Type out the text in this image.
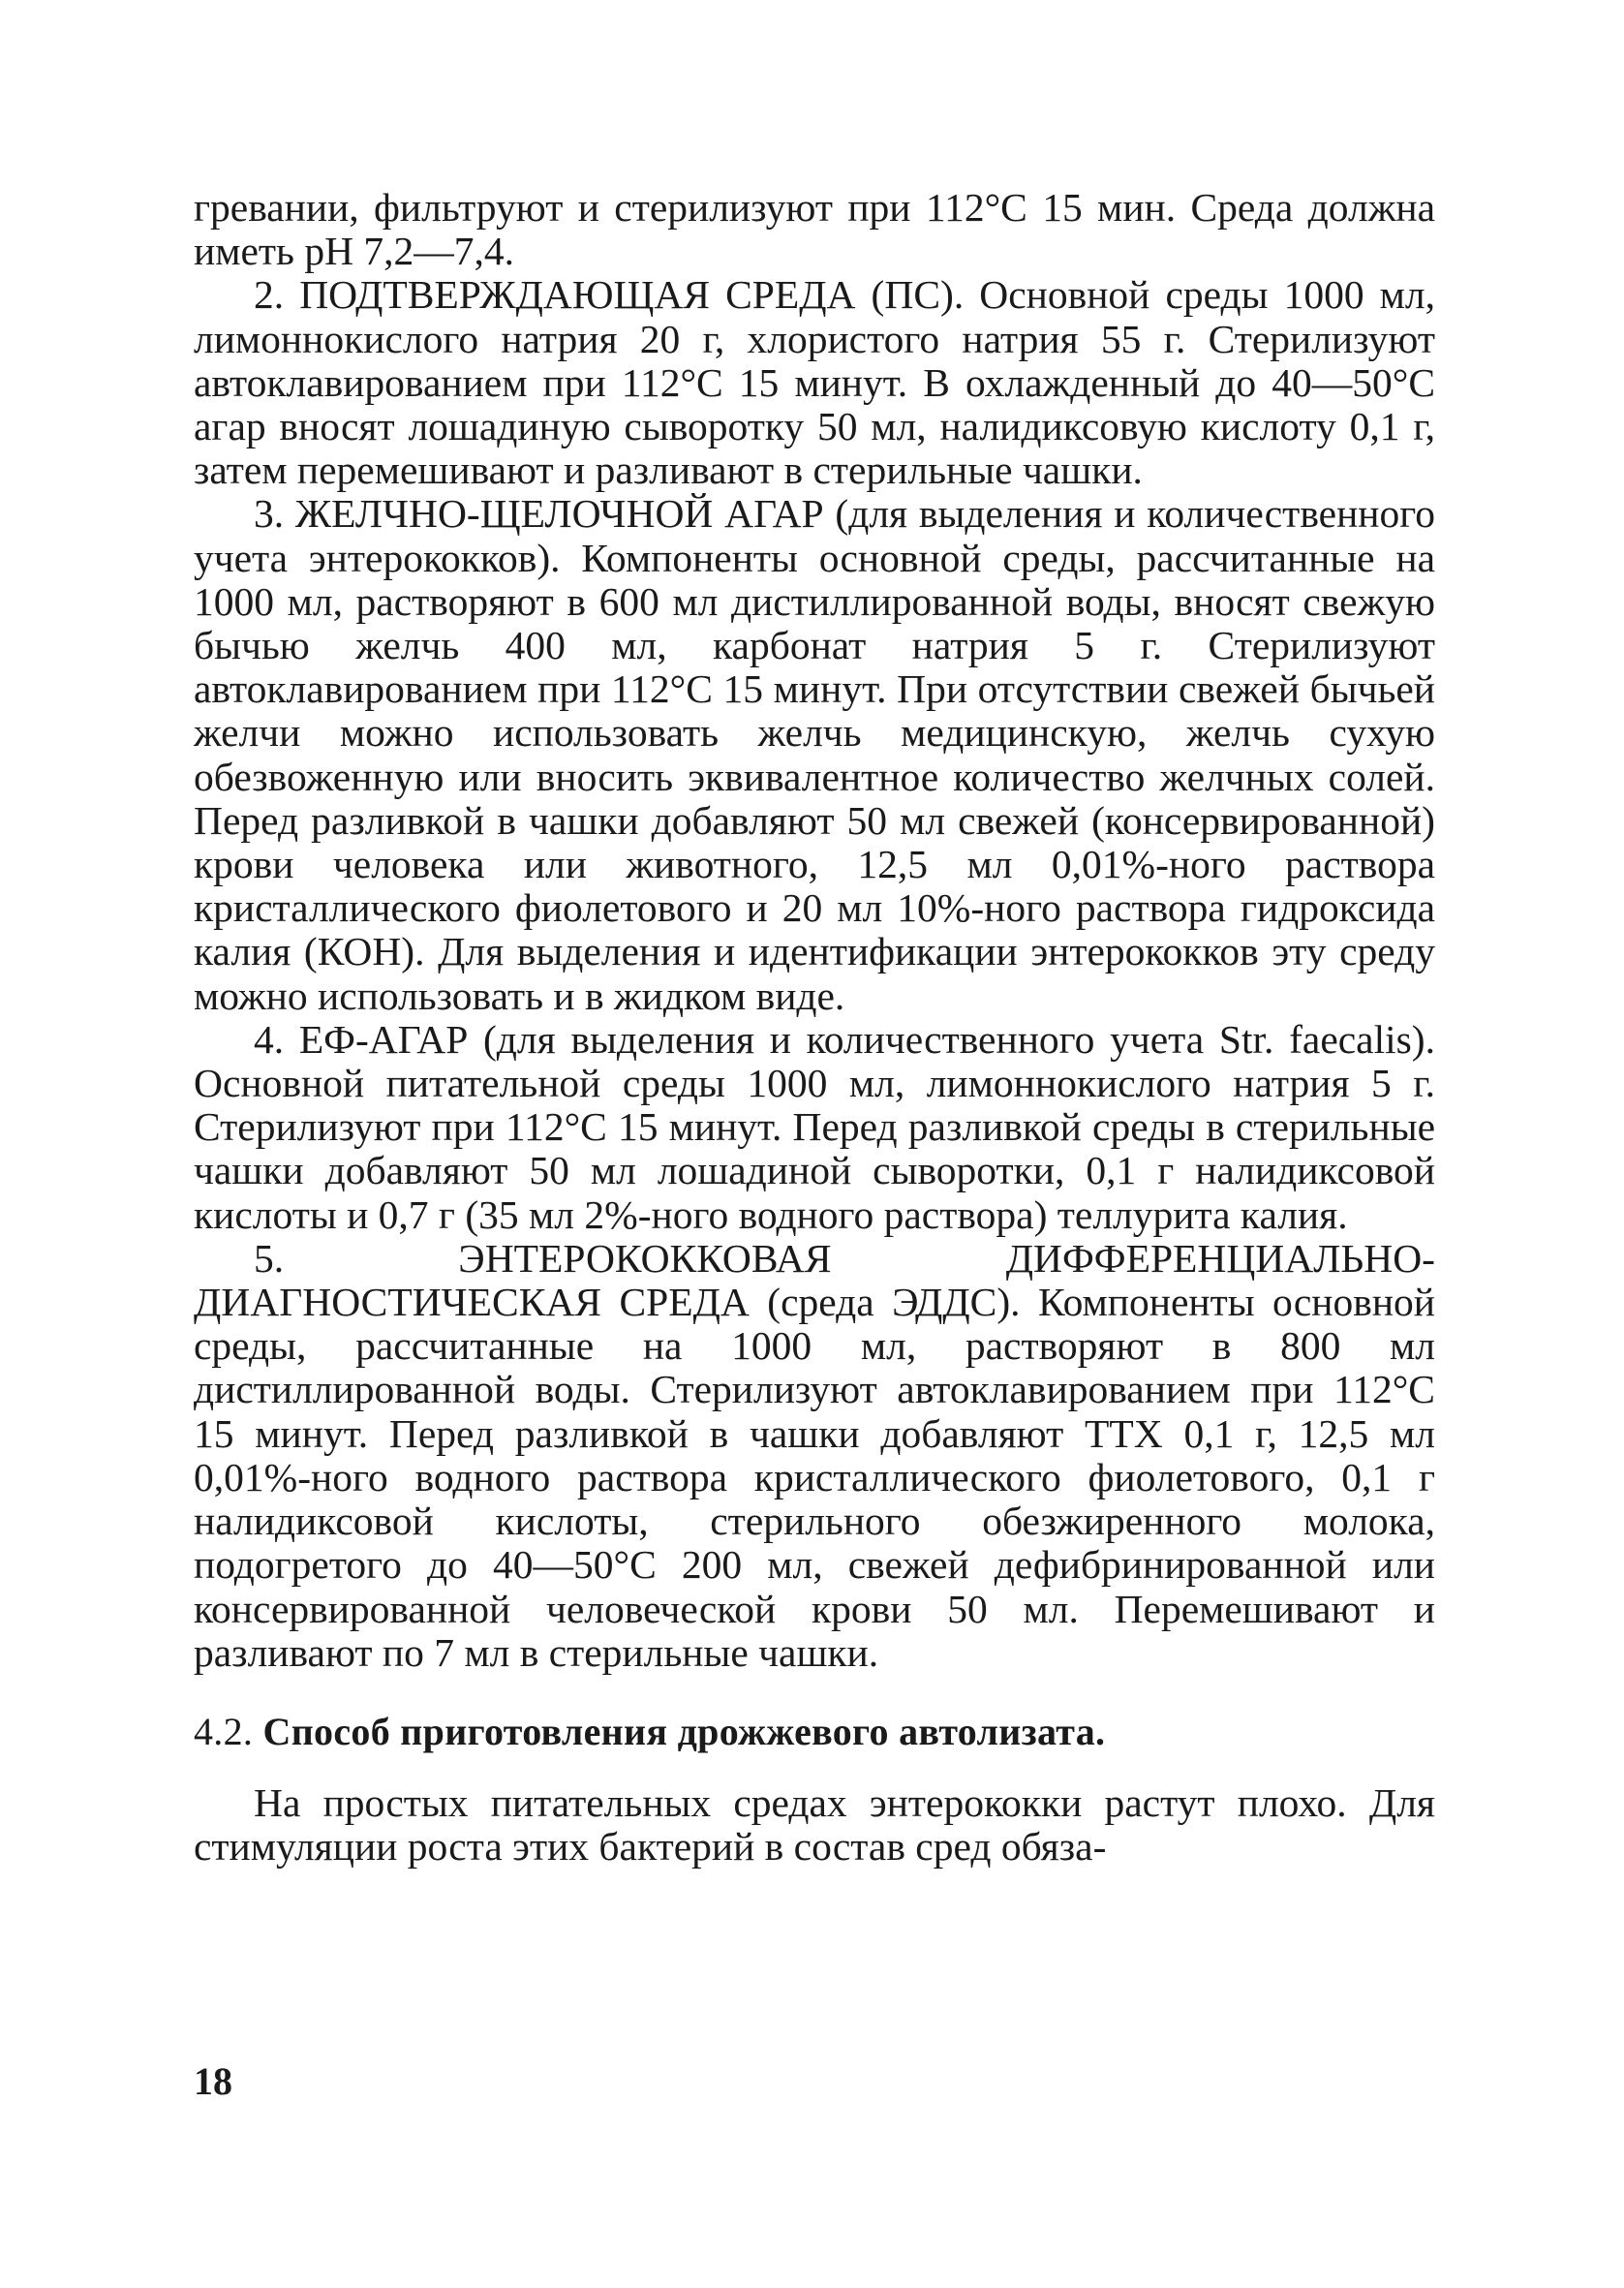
гревании, фильтруют и стерилизуют при 112°С 15 мин. Среда должна иметь pH 7,2—7,4.

2. ПОДТВЕРЖДАЮЩАЯ СРЕДА (ПС). Основной среды 1000 мл, лимоннокислого натрия 20 г, хлористого натрия 55 г. Стерилизуют автоклавированием при 112°С 15 минут. В охлажденный до 40—50°С агар вносят лошадиную сыворотку 50 мл, налидиксовую кислоту 0,1 г, затем перемешивают и разливают в стерильные чашки.

3. ЖЕЛЧНО-ЩЕЛОЧНОЙ АГАР (для выделения и количественного учета энтерококков). Компоненты основной среды, рассчитанные на 1000 мл, растворяют в 600 мл дистиллированной воды, вносят свежую бычью желчь 400 мл, карбонат натрия 5 г. Стерилизуют автоклавированием при 112°С 15 минут. При отсутствии свежей бычьей желчи можно использовать желчь медицинскую, желчь сухую обезвоженную или вносить эквивалентное количество желчных солей. Перед разливкой в чашки добавляют 50 мл свежей (консервированной) крови человека или животного, 12,5 мл 0,01%-ного раствора кристаллического фиолетового и 20 мл 10%-ного раствора гидроксида калия (КОН). Для выделения и идентификации энтерококков эту среду можно использовать и в жидком виде.

4. ЕФ-АГАР (для выделения и количественного учета Str. faecalis). Основной питательной среды 1000 мл, лимоннокислого натрия 5 г. Стерилизуют при 112°С 15 минут. Перед разливкой среды в стерильные чашки добавляют 50 мл лошадиной сыворотки, 0,1 г налидиксовой кислоты и 0,7 г (35 мл 2%-ного водного раствора) теллурита калия.

5. ЭНТЕРОКОККОВАЯ ДИФФЕРЕНЦИАЛЬНО-ДИАГНОСТИЧЕСКАЯ СРЕДА (среда ЭДДС). Компоненты основной среды, рассчитанные на 1000 мл, растворяют в 800 мл дистиллированной воды. Стерилизуют автоклавированием при 112°С 15 минут. Перед разливкой в чашки добавляют ТТХ 0,1 г, 12,5 мл 0,01%-ного водного раствора кристаллического фиолетового, 0,1 г налидиксовой кислоты, стерильного обезжиренного молока, подогретого до 40—50°С 200 мл, свежей дефибринированной или консервированной человеческой крови 50 мл. Перемешивают и разливают по 7 мл в стерильные чашки.

4.2. Способ приготовления дрожжевого автолизата.

На простых питательных средах энтерококки растут плохо. Для стимуляции роста этих бактерий в состав сред обяза-

18
